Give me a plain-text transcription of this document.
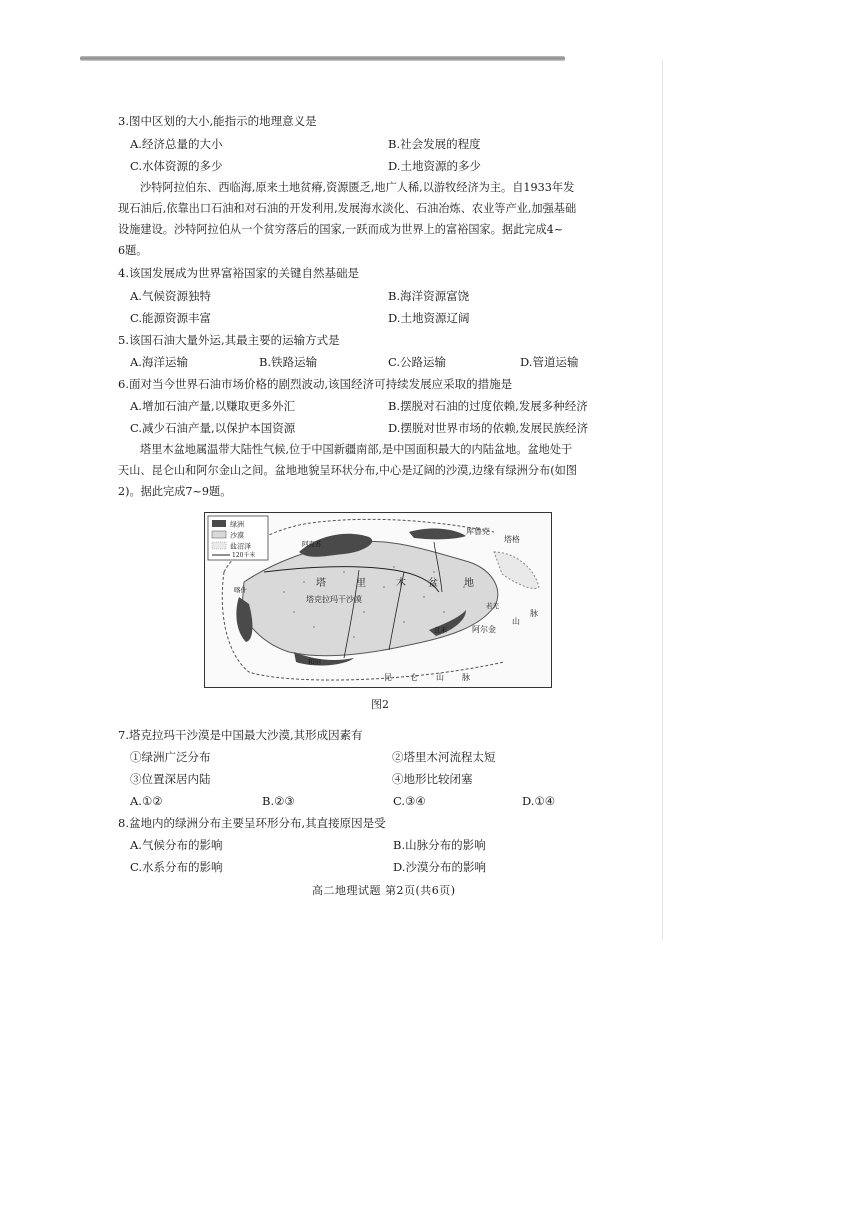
3.图中区划的大小,能指示的地理意义是
A.经济总量的大小	B.社会发展的程度
C.水体资源的多少	D.土地资源的多少
沙特阿拉伯东、西临海,原来土地贫瘠,资源匮乏,地广人稀,以游牧经济为主。自1933年发
现石油后,依靠出口石油和对石油的开发利用,发展海水淡化、石油冶炼、农业等产业,加强基础
设施建设。沙特阿拉伯从一个贫穷落后的国家,一跃而成为世界上的富裕国家。据此完成4~
6题。
4.该国发展成为世界富裕国家的关键自然基础是
A.气候资源独特	B.海洋资源富饶
C.能源资源丰富	D.土地资源辽阔
5.该国石油大量外运,其最主要的运输方式是
A.海洋运输	B.铁路运输	C.公路运输	D.管道运输
6.面对当今世界石油市场价格的剧烈波动,该国经济可持续发展应采取的措施是
A.增加石油产量,以赚取更多外汇	B.摆脱对石油的过度依赖,发展多种经济
C.减少石油产量,以保护本国资源	D.摆脱对世界市场的依赖,发展民族经济
塔里木盆地属温带大陆性气候,位于中国新疆南部,是中国面积最大的内陆盆地。盆地处于
天山、昆仑山和阿尔金山之间。盆地地貌呈环状分布,中心是辽阔的沙漠,边缘有绿洲分布(如图
2)。据此完成7~9题。
绿洲
沙漠
盐沼泽
120千米
塔	里	木 盆	地
塔克拉玛干沙漠
库鲁克
塔格
阿尔金
山
脉
昆 仑 山 脉
阿克苏
且末
若羌
和田
喀什
图2
7.塔克拉玛干沙漠是中国最大沙漠,其形成因素有
①绿洲广泛分布	②塔里木河流程太短
③位置深居内陆	④地形比较闭塞
A.①②	B.②③	C.③④	D.①④
8.盆地内的绿洲分布主要呈环形分布,其直接原因是受
A.气候分布的影响	B.山脉分布的影响
C.水系分布的影响	D.沙漠分布的影响
高二地理试题 第2页(共6页)
